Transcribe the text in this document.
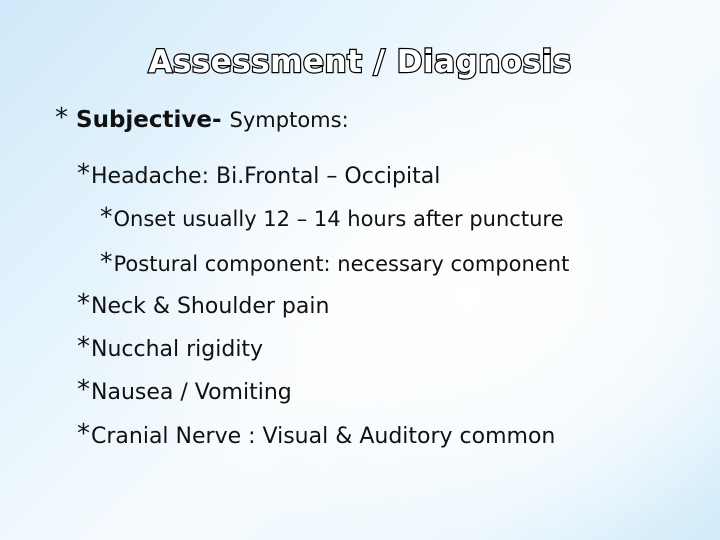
Assessment / Diagnosis
* Subjective- Symptoms:
*Headache: Bi.Frontal – Occipital
*Onset usually 12 – 14 hours after puncture
*Postural component: necessary component
*Neck & Shoulder pain
*Nucchal rigidity
*Nausea / Vomiting
*Cranial Nerve : Visual & Auditory common
